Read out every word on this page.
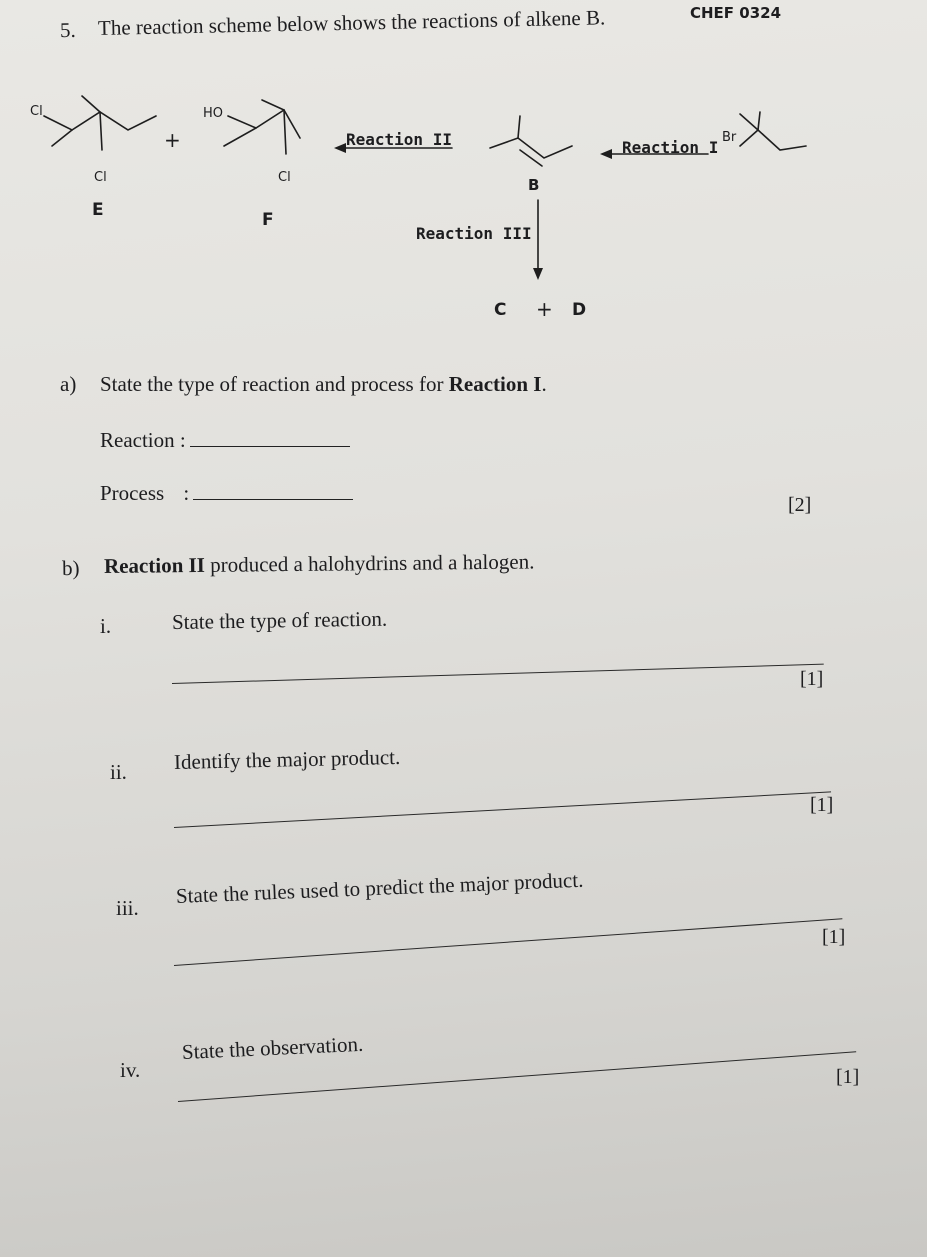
CHEF 0324
5. The reaction scheme below shows the reactions of alkene B.
Cl
Cl
+
HO
Cl
Br
E	F
B
C + D
Reaction II	Reaction I
Reaction III
a) State the type of reaction and process for Reaction I.
Reaction :
Process :	[2]
b) Reaction II produced a halohydrins and a halogen.
i.	State the type of reaction.
[1]
ii. Identify the major product.
[1]
iii.
State the rules used to predict the major product.
[1]
iv.
State the observation.
[1]
